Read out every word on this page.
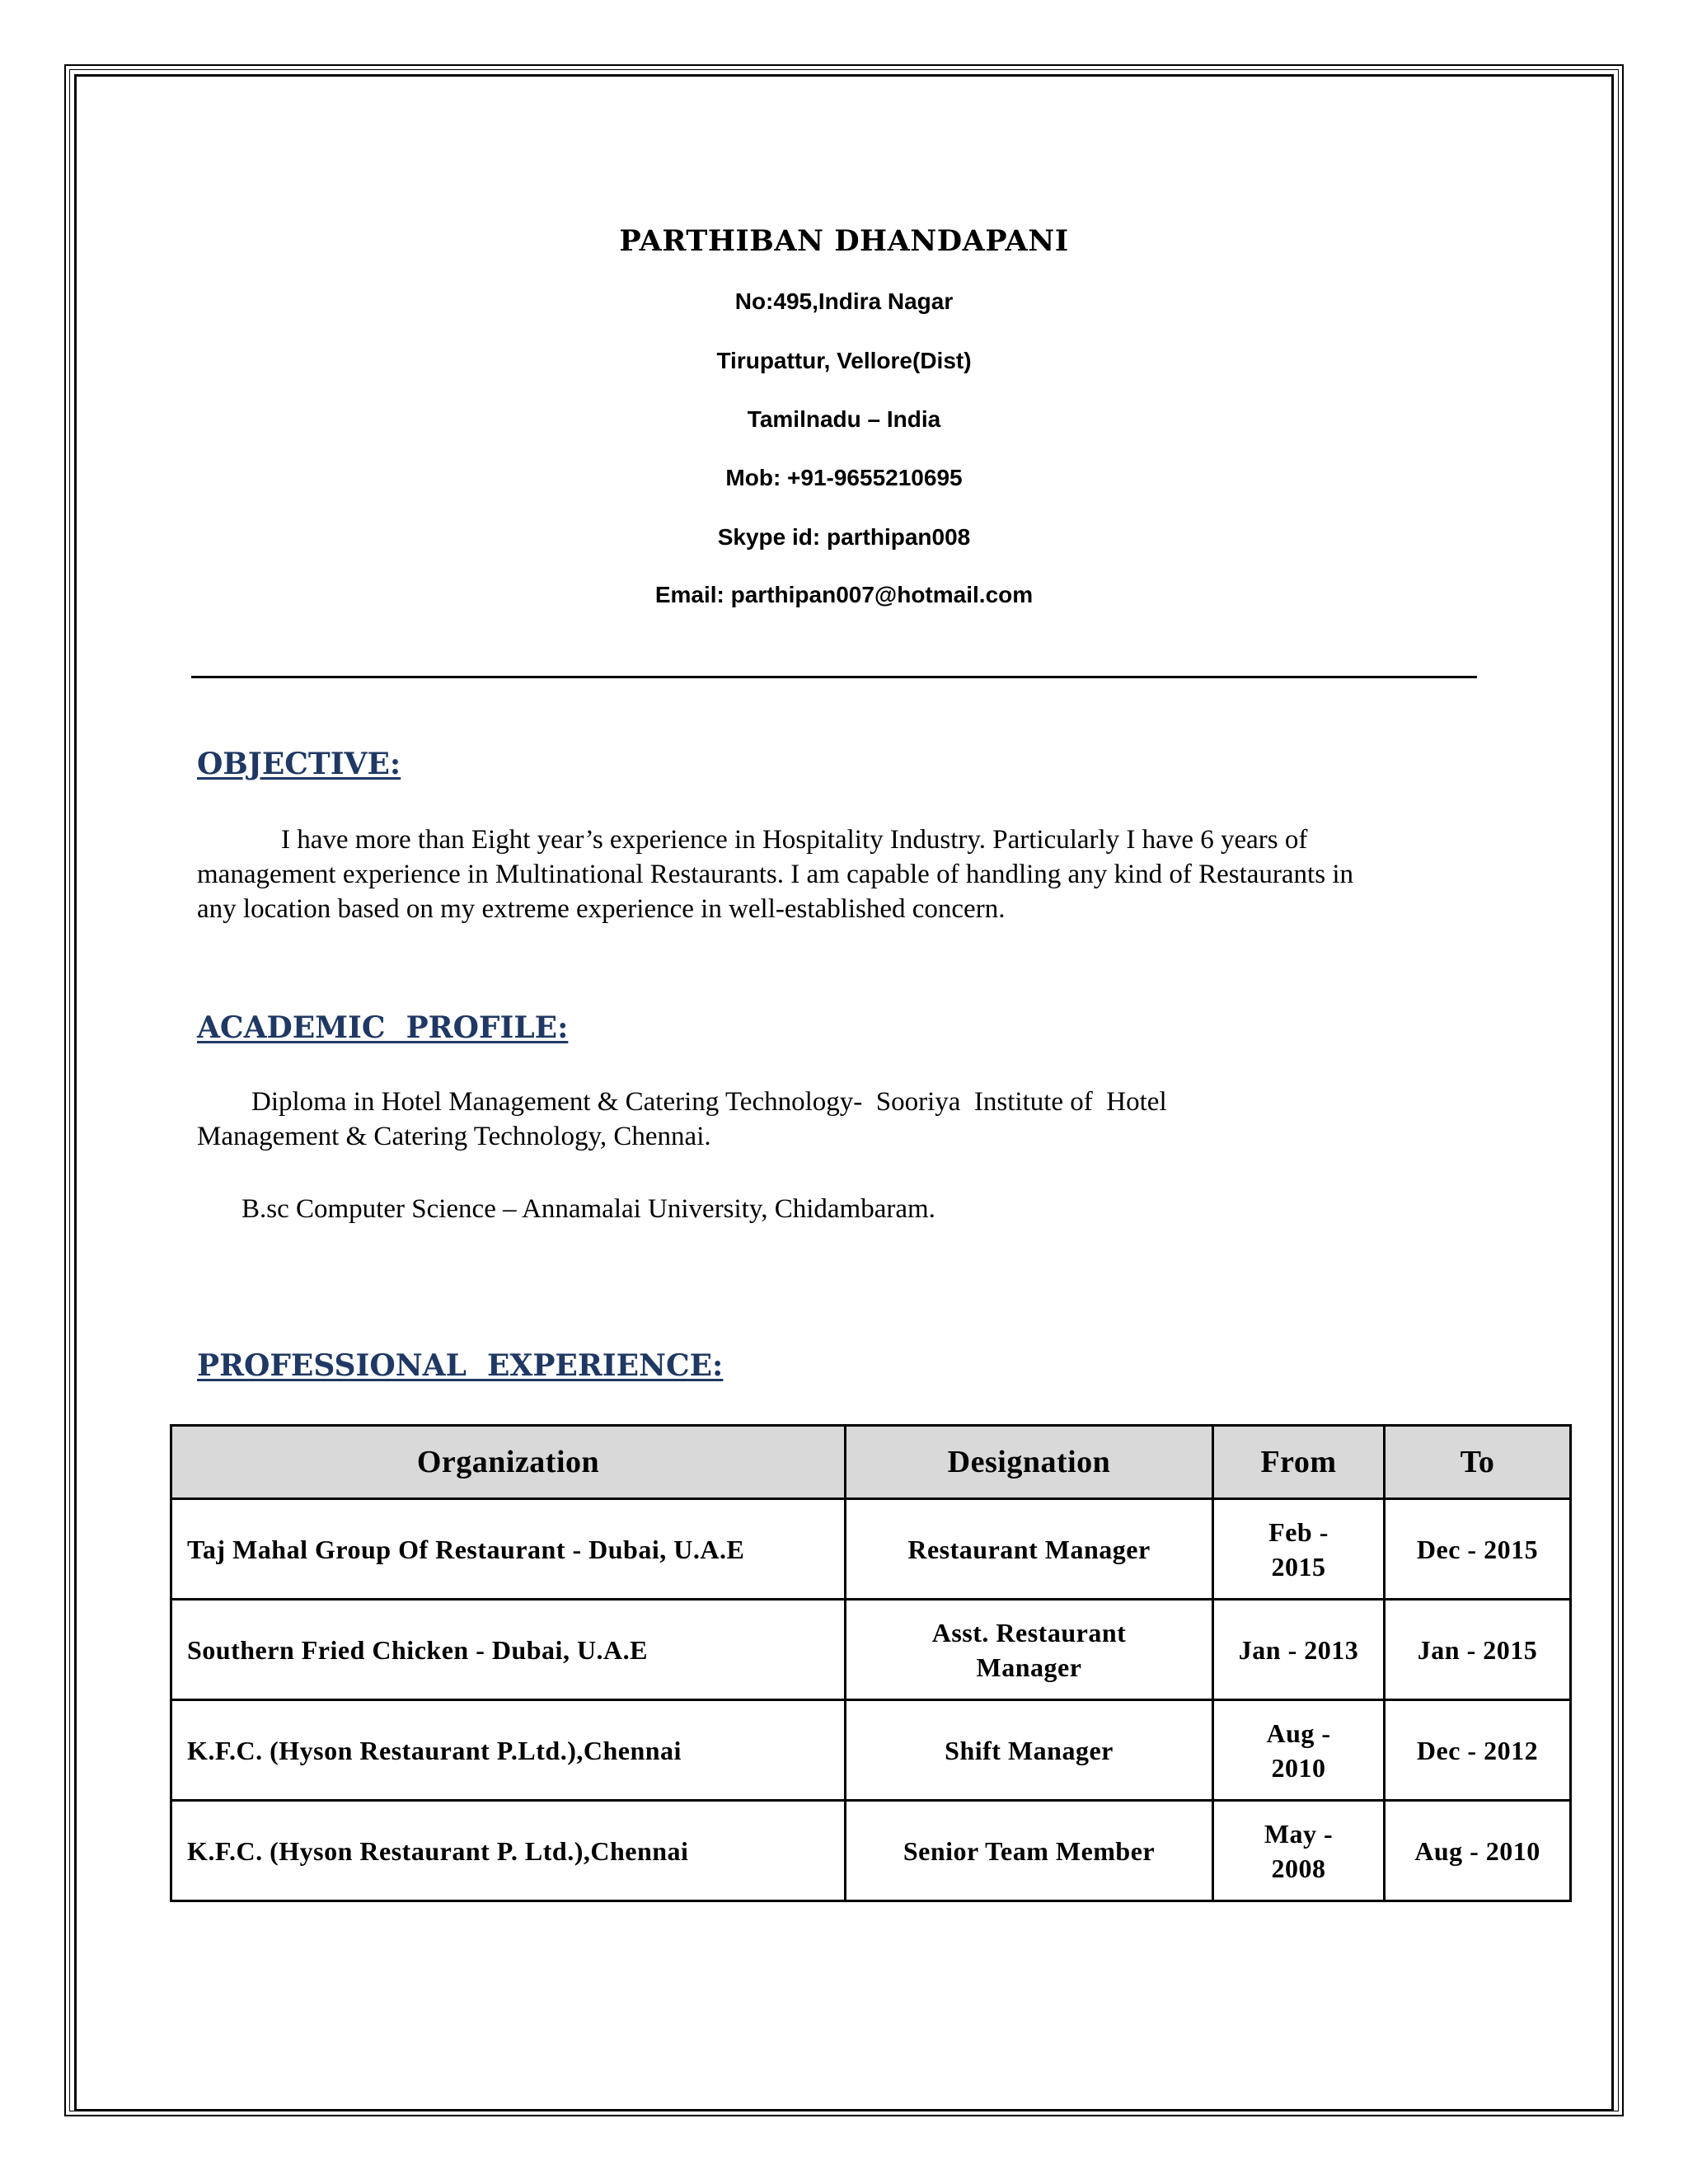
PARTHIBAN DHANDAPANI
No:495,Indira Nagar
Tirupattur, Vellore(Dist)
Tamilnadu – India
Mob: +91-9655210695
Skype id: parthipan008
Email: parthipan007@hotmail.com
OBJECTIVE:
I have more than Eight year’s experience in Hospitality Industry. Particularly I have 6 years of
management experience in Multinational Restaurants. I am capable of handling any kind of Restaurants in
any location based on my extreme experience in well-established concern.
ACADEMIC  PROFILE:
Diploma in Hotel Management & Catering Technology-  Sooriya  Institute of  Hotel
Management & Catering Technology, Chennai.
B.sc Computer Science – Annamalai University, Chidambaram.
PROFESSIONAL  EXPERIENCE:
Organization	Designation	From	To
Taj Mahal Group Of Restaurant - Dubai, U.A.E	Restaurant Manager	Feb - 2015	Dec - 2015
Southern Fried Chicken - Dubai, U.A.E	Asst. Restaurant Manager	Jan - 2013	Jan - 2015
K.F.C. (Hyson Restaurant P.Ltd.),Chennai	Shift Manager	Aug - 2010	Dec - 2012
K.F.C. (Hyson Restaurant P. Ltd.),Chennai	Senior Team Member	May - 2008	Aug - 2010
